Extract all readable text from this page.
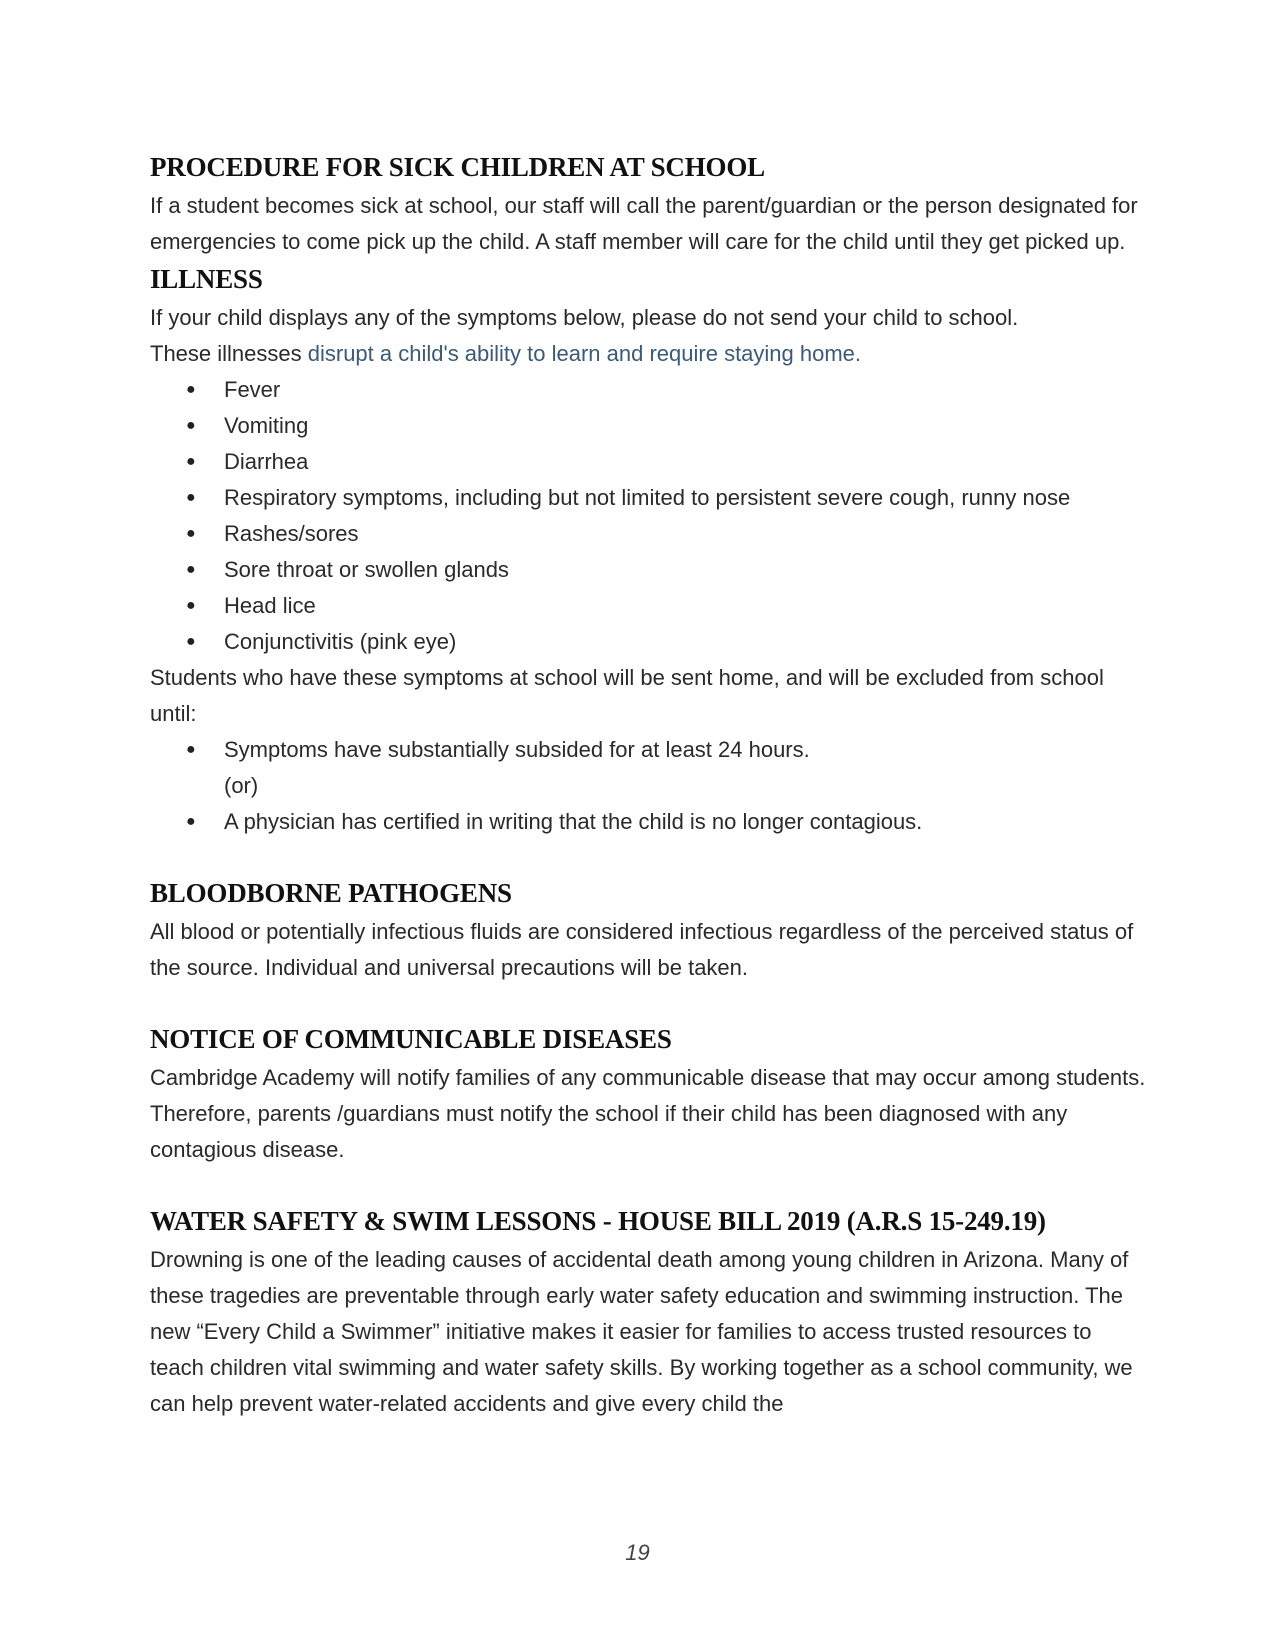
PROCEDURE FOR SICK CHILDREN AT SCHOOL

If a student becomes sick at school, our staff will call the parent/guardian or the person designated for emergencies to come pick up the child. A staff member will care for the child until they get picked up.

ILLNESS

If your child displays any of the symptoms below, please do not send your child to school.
These illnesses disrupt a child's ability to learn and require staying home.

● Fever
● Vomiting
● Diarrhea
● Respiratory symptoms, including but not limited to persistent severe cough, runny nose
● Rashes/sores
● Sore throat or swollen glands
● Head lice
● Conjunctivitis (pink eye)

Students who have these symptoms at school will be sent home, and will be excluded from school until:

● Symptoms have substantially subsided for at least 24 hours.
(or)
● A physician has certified in writing that the child is no longer contagious.
BLOODBORNE PATHOGENS

All blood or potentially infectious fluids are considered infectious regardless of the perceived status of the source. Individual and universal precautions will be taken.

NOTICE OF COMMUNICABLE DISEASES

Cambridge Academy will notify families of any communicable disease that may occur among students. Therefore, parents /guardians must notify the school if their child has been diagnosed with any contagious disease.

WATER SAFETY & SWIM LESSONS - HOUSE BILL 2019 (A.R.S 15-249.19)

Drowning is one of the leading causes of accidental death among young children in Arizona. Many of these tragedies are preventable through early water safety education and swimming instruction. The new “Every Child a Swimmer” initiative makes it easier for families to access trusted resources to teach children vital swimming and water safety skills. By working together as a school community, we can help prevent water-related accidents and give every child the

19
